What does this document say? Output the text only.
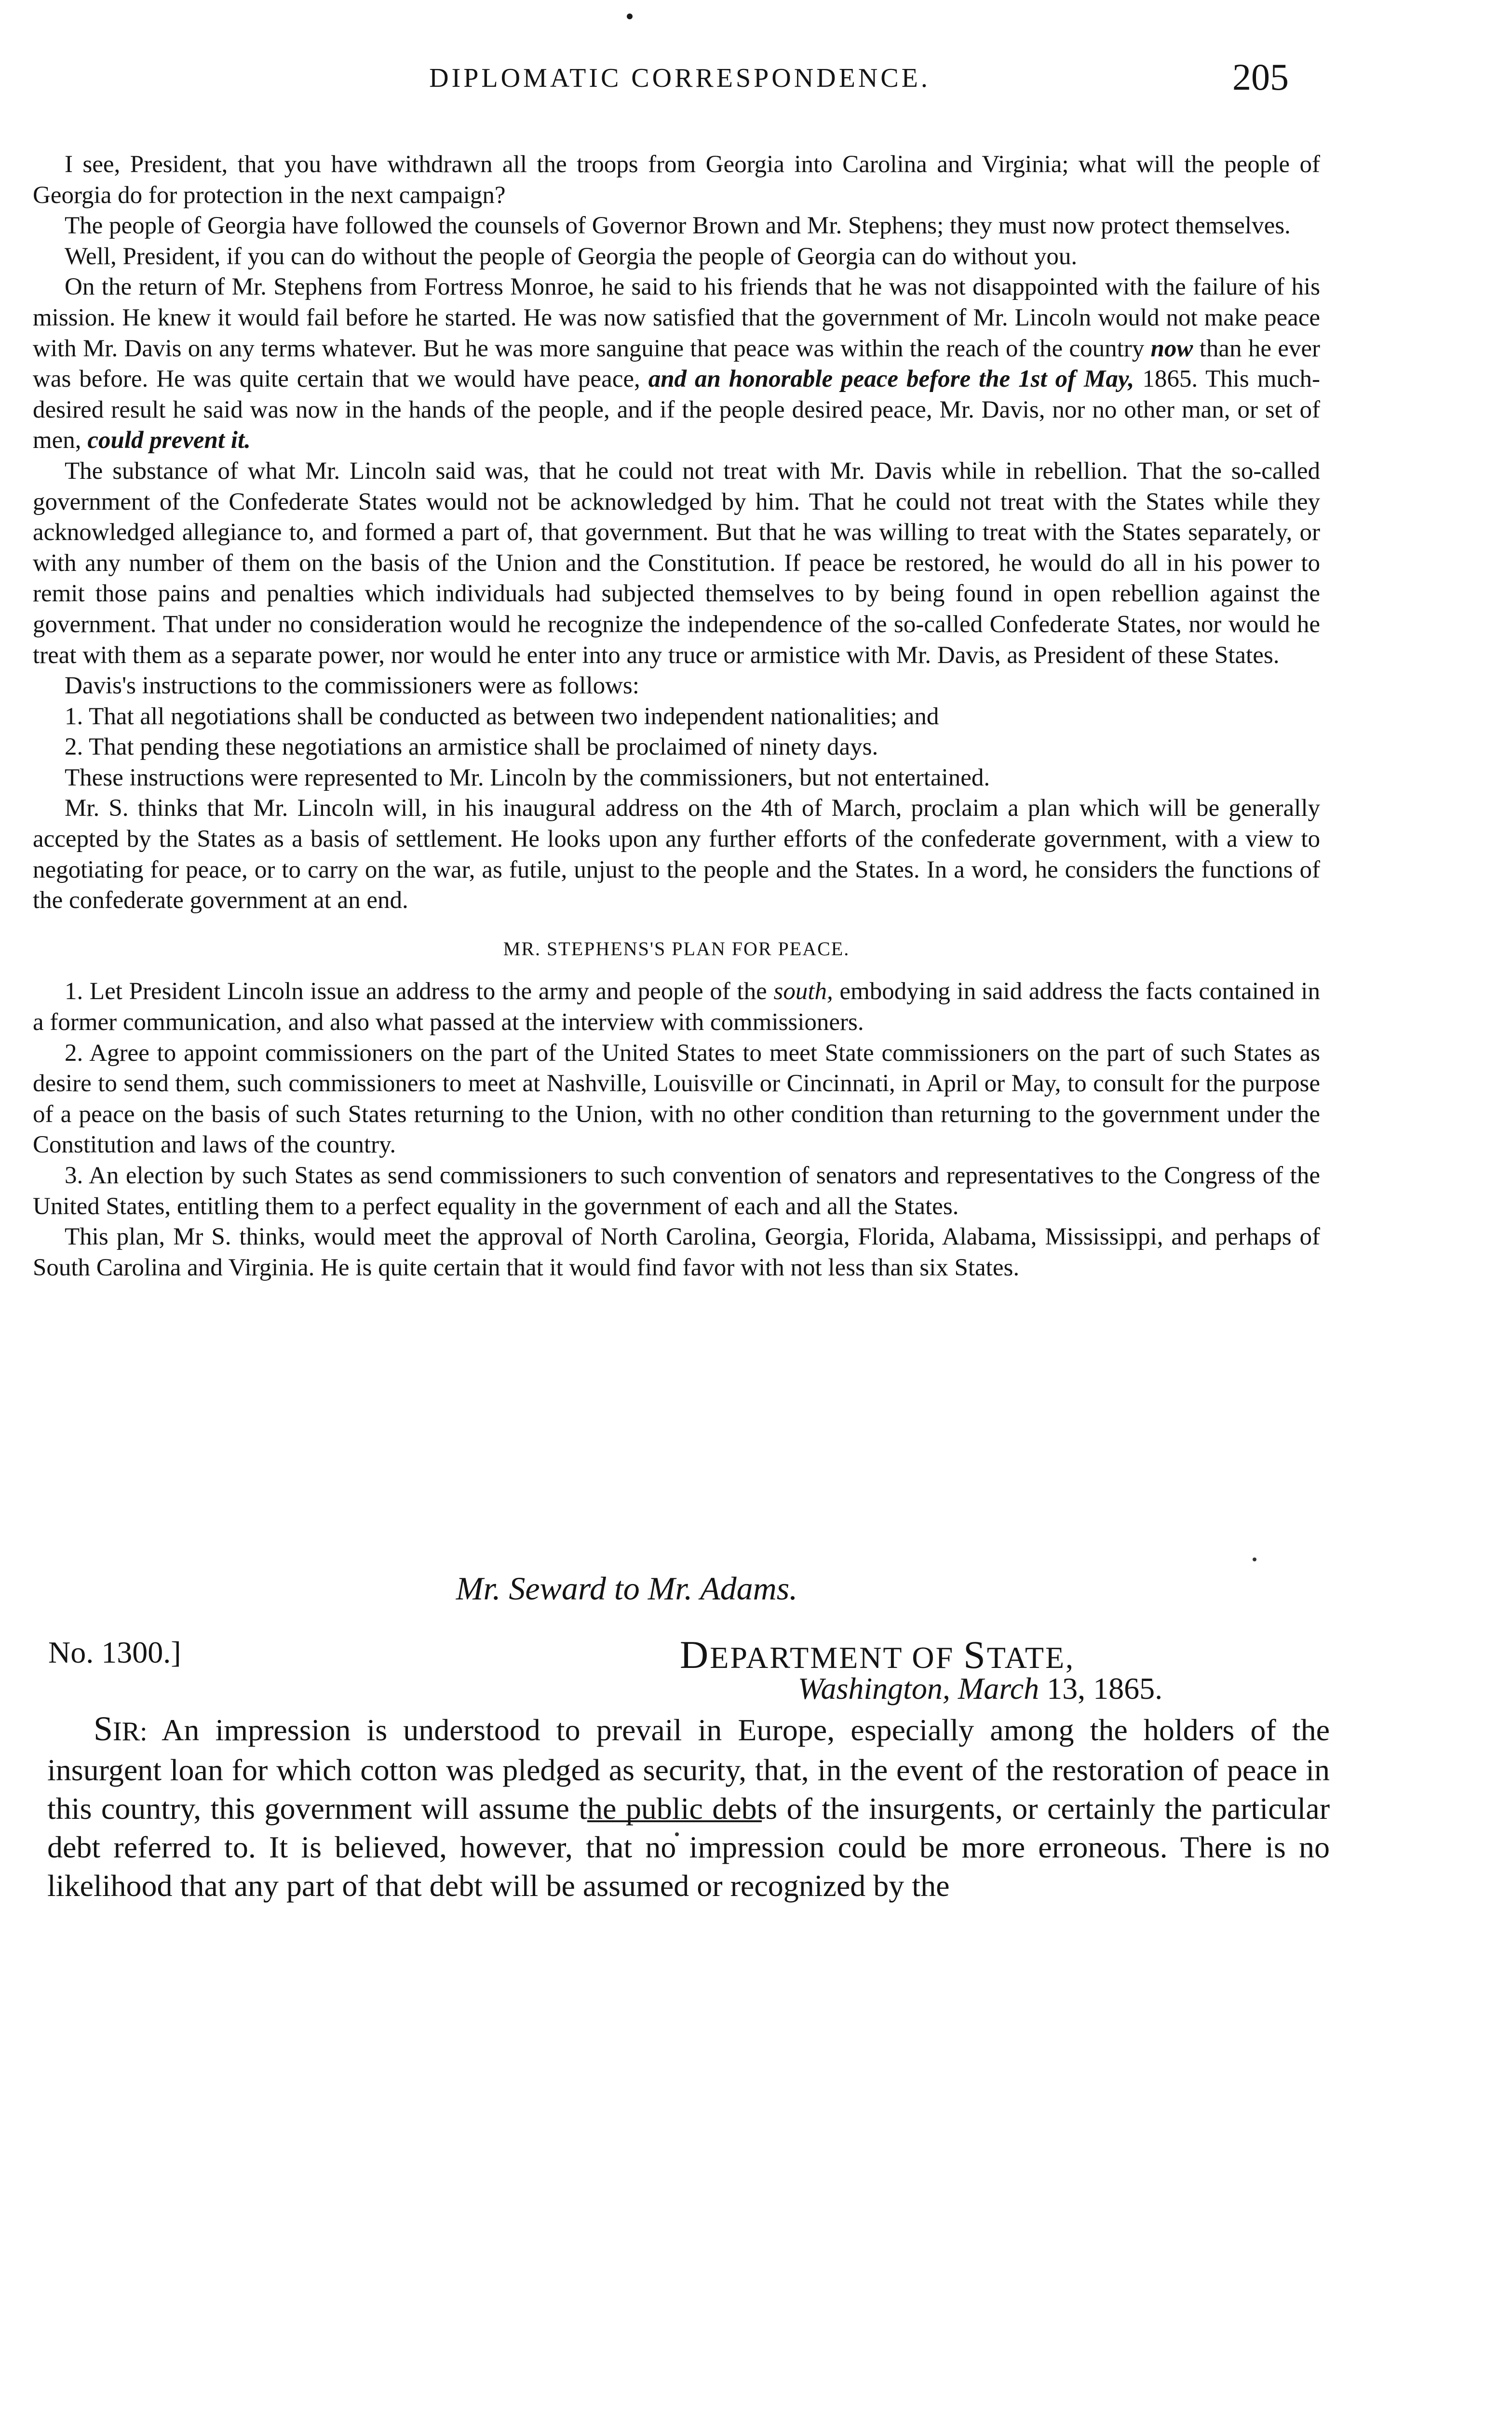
DIPLOMATIC CORRESPONDENCE.	205

I see, President, that you have withdrawn all the troops from Georgia into Carolina and Virginia; what will the people of Georgia do for protection in the next campaign?

The people of Georgia have followed the counsels of Governor Brown and Mr. Stephens; they must now protect themselves.

Well, President, if you can do without the people of Georgia the people of Georgia can do without you.

On the return of Mr. Stephens from Fortress Monroe, he said to his friends that he was not disappointed with the failure of his mission. He knew it would fail before he started. He was now satisfied that the government of Mr. Lincoln would not make peace with Mr. Davis on any terms whatever. But he was more sanguine that peace was within the reach of the country now than he ever was before. He was quite certain that we would have peace, and an honorable peace before the 1st of May, 1865. This much-desired result he said was now in the hands of the people, and if the people desired peace, Mr. Davis, nor no other man, or set of men, could prevent it.

The substance of what Mr. Lincoln said was, that he could not treat with Mr. Davis while in rebellion. That the so-called government of the Confederate States would not be acknowledged by him. That he could not treat with the States while they acknowledged allegiance to, and formed a part of, that government. But that he was willing to treat with the States separately, or with any number of them on the basis of the Union and the Constitution. If peace be restored, he would do all in his power to remit those pains and penalties which individuals had subjected themselves to by being found in open rebellion against the government. That under no consideration would he recognize the independence of the so-called Confederate States, nor would he treat with them as a separate power, nor would he enter into any truce or armistice with Mr. Davis, as President of these States.

Davis's instructions to the commissioners were as follows:

1. That all negotiations shall be conducted as between two independent nationalities; and

2. That pending these negotiations an armistice shall be proclaimed of ninety days.

These instructions were represented to Mr. Lincoln by the commissioners, but not entertained.

Mr. S. thinks that Mr. Lincoln will, in his inaugural address on the 4th of March, proclaim a plan which will be generally accepted by the States as a basis of settlement. He looks upon any further efforts of the confederate government, with a view to negotiating for peace, or to carry on the war, as futile, unjust to the people and the States. In a word, he considers the functions of the confederate government at an end.

MR. STEPHENS'S PLAN FOR PEACE.

1. Let President Lincoln issue an address to the army and people of the south, embodying in said address the facts contained in a former communication, and also what passed at the interview with commissioners.

2. Agree to appoint commissioners on the part of the United States to meet State commissioners on the part of such States as desire to send them, such commissioners to meet at Nashville, Louisville or Cincinnati, in April or May, to consult for the purpose of a peace on the basis of such States returning to the Union, with no other condition than returning to the government under the Constitution and laws of the country.

3. An election by such States as send commissioners to such convention of senators and representatives to the Congress of the United States, entitling them to a perfect equality in the government of each and all the States.

This plan, Mr S. thinks, would meet the approval of North Carolina, Georgia, Florida, Alabama, Mississippi, and perhaps of South Carolina and Virginia. He is quite certain that it would find favor with not less than six States.

Mr. Seward to Mr. Adams.
No. 1300.]	DEPARTMENT OF STATE,
Washington, March 13, 1865.

SIR: An impression is understood to prevail in Europe, especially among the holders of the insurgent loan for which cotton was pledged as security, that, in the event of the restoration of peace in this country, this government will assume the public debts of the insurgents, or certainly the particular debt referred to. It is believed, however, that no impression could be more erroneous. There is no likelihood that any part of that debt will be assumed or recognized by the
